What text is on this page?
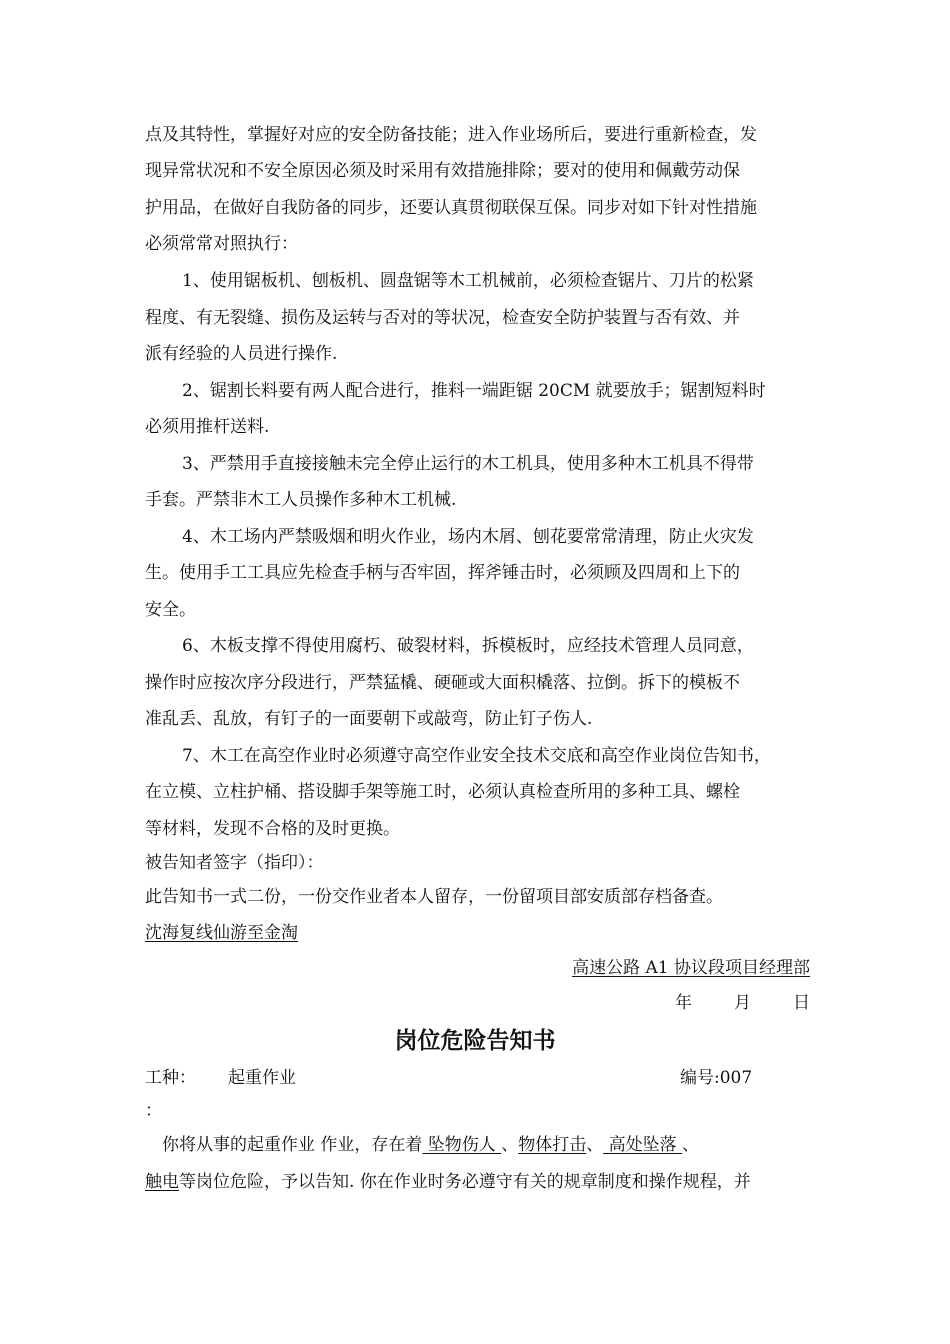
点及其特性，掌握好对应的安全防备技能；进入作业场所后，要进行重新检查，发
现异常状况和不安全原因必须及时采用有效措施排除；要对的使用和佩戴劳动保
护用品，在做好自我防备的同步，还要认真贯彻联保互保。同步对如下针对性措施
必须常常对照执行：
1、使用锯板机、刨板机、圆盘锯等木工机械前，必须检查锯片、刀片的松紧
程度、有无裂缝、损伤及运转与否对的等状况，检查安全防护装置与否有效、并
派有经验的人员进行操作.
2、锯割长料要有两人配合进行，推料一端距锯 20CM 就要放手；锯割短料时
必须用推杆送料.
3、严禁用手直接接触未完全停止运行的木工机具，使用多种木工机具不得带
手套。严禁非木工人员操作多种木工机械.
4、木工场内严禁吸烟和明火作业，场内木屑、刨花要常常清理，防止火灾发
生。使用手工工具应先检查手柄与否牢固，挥斧锤击时，必须顾及四周和上下的
安全。
6、木板支撑不得使用腐朽、破裂材料，拆模板时，应经技术管理人员同意，
操作时应按次序分段进行，严禁猛橇、硬砸或大面积橇落、拉倒。拆下的模板不
准乱丢、乱放，有钉子的一面要朝下或敲弯，防止钉子伤人.
7、木工在高空作业时必须遵守高空作业安全技术交底和高空作业岗位告知书，
在立模、立柱护桶、搭设脚手架等施工时，必须认真检查所用的多种工具、螺栓
等材料，发现不合格的及时更换。
被告知者签字（指印）：
此告知书一式二份，一份交作业者本人留存，一份留项目部安质部存档备查。
沈海复线仙游至金淘
高速公路 A1 协议段项目经理部
年 月 日
岗位危险告知书
工种： 起重作业	编号:007
：
你将从事的起重作业 作业，存在着 坠物伤人 、物体打击、 高处坠落 、
触电等岗位危险，予以告知. 你在作业时务必遵守有关的规章制度和操作规程，并
